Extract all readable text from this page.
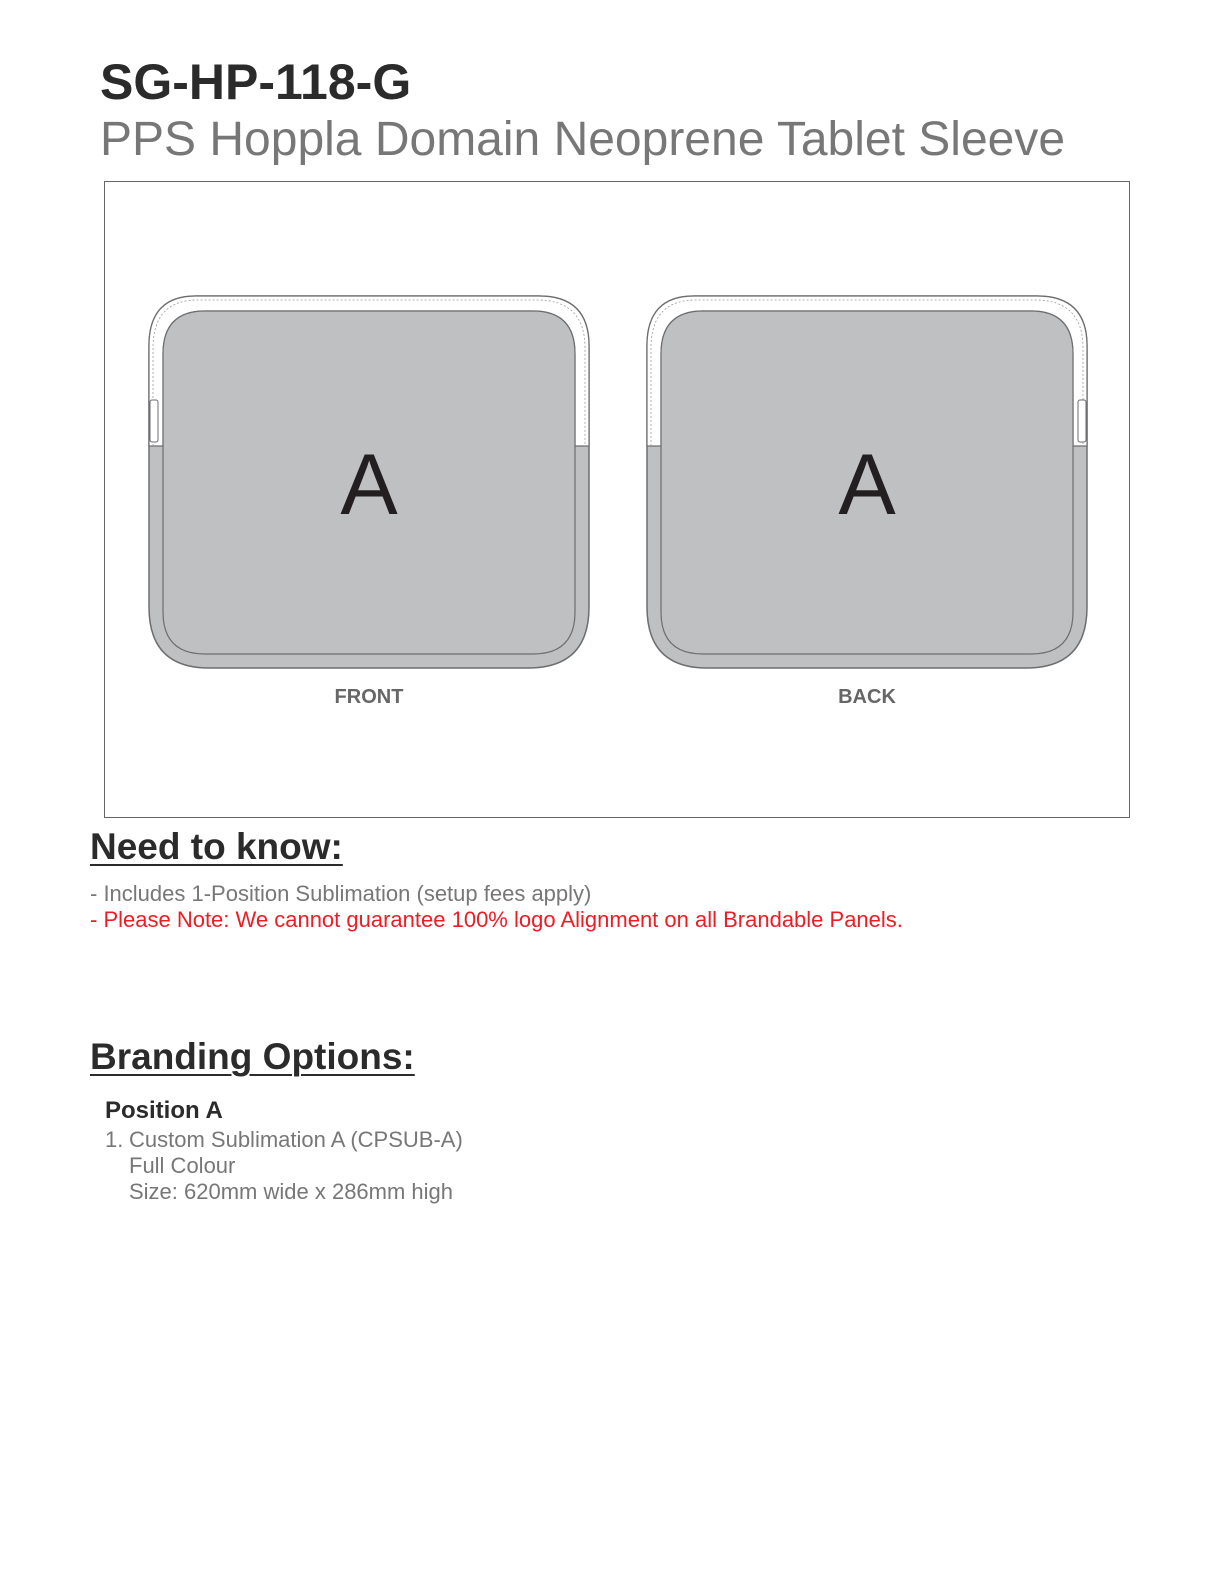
SG-HP-118-G
PPS Hoppla Domain Neoprene Tablet Sleeve
A	A
FRONT	BACK
Need to know:
- Includes 1-Position Sublimation (setup fees apply)
- Please Note: We cannot guarantee 100% logo Alignment on all Brandable Panels.
Branding Options:
Position A
1. Custom Sublimation A (CPSUB-A)
Full Colour
Size: 620mm wide x 286mm high
